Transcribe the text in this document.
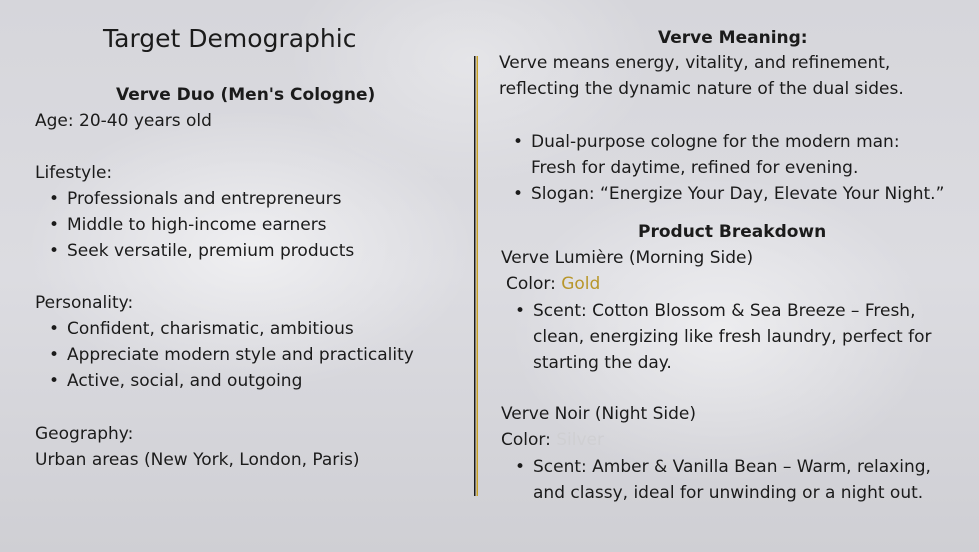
Target Demographic
Verve Duo (Men's Cologne)
Age: 20-40 years old
Lifestyle:
• Professionals and entrepreneurs
• Middle to high-income earners
• Seek versatile, premium products
Personality:
• Confident, charismatic, ambitious
• Appreciate modern style and practicality
• Active, social, and outgoing
Geography:
Urban areas (New York, London, Paris)
Verve Meaning:
Verve means energy, vitality, and refinement,
reflecting the dynamic nature of the dual sides.
• Dual-purpose cologne for the modern man:
Fresh for daytime, refined for evening.
• Slogan: “Energize Your Day, Elevate Your Night.”
Product Breakdown
Verve Lumière (Morning Side)
Color: Gold
• Scent: Cotton Blossom & Sea Breeze – Fresh,
clean, energizing like fresh laundry, perfect for
starting the day.
Verve Noir (Night Side)
Color: Silver
• Scent: Amber & Vanilla Bean – Warm, relaxing,
and classy, ideal for unwinding or a night out.
